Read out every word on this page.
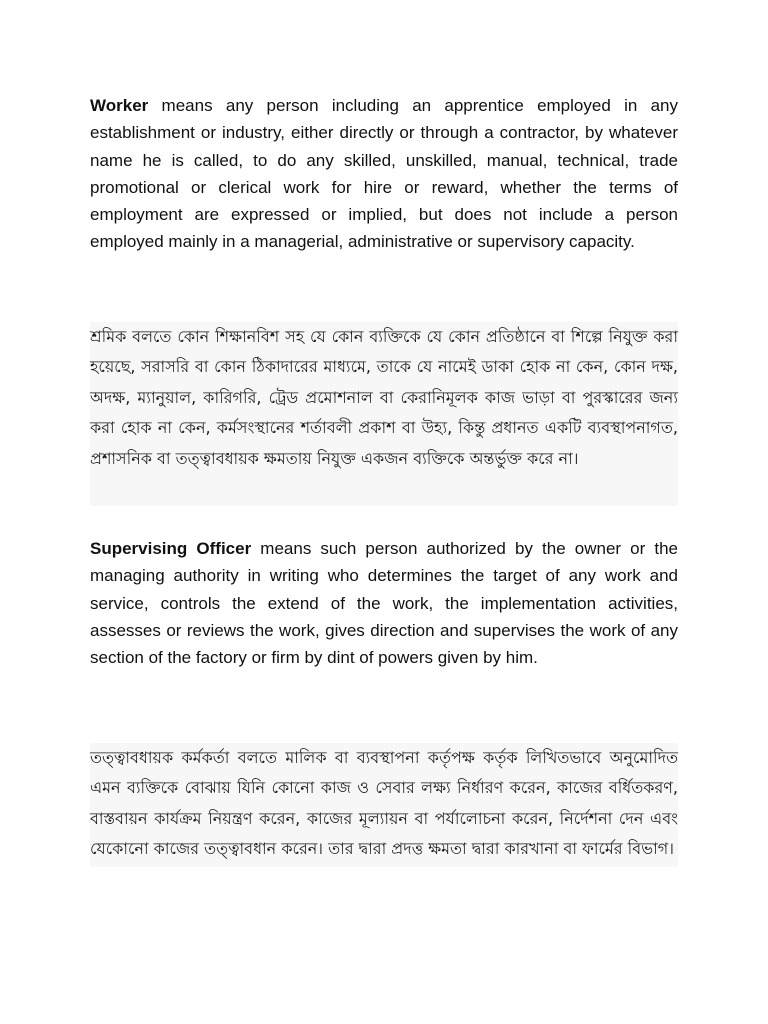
Worker means any person including an apprentice employed in any establishment or industry, either directly or through a contractor, by whatever name he is called, to do any skilled, unskilled, manual, technical, trade promotional or clerical work for hire or reward, whether the terms of employment are expressed or implied, but does not include a person employed mainly in a managerial, administrative or supervisory capacity.
শ্রমিক বলতে কোন শিক্ষানবিশ সহ যে কোন ব্যক্তিকে যে কোন প্রতিষ্ঠানে বা শিল্পে নিযুক্ত করা হয়েছে, সরাসরি বা কোন ঠিকাদারের মাধ্যমে, তাকে যে নামেই ডাকা হোক না কেন, কোন দক্ষ, অদক্ষ, ম্যানুয়াল, কারিগরি, ট্রেড প্রমোশনাল বা কেরানিমূলক কাজ ভাড়া বা পুরস্কারের জন্য করা হোক না কেন, কর্মসংস্থানের শর্তাবলী প্রকাশ বা উহ্য, কিন্তু প্রধানত একটি ব্যবস্থাপনাগত, প্রশাসনিক বা তত্ত্বাবধায়ক ক্ষমতায় নিযুক্ত একজন ব্যক্তিকে অন্তর্ভুক্ত করে না।
Supervising Officer means such person authorized by the owner or the managing authority in writing who determines the target of any work and service, controls the extend of the work, the implementation activities, assesses or reviews the work, gives direction and supervises the work of any section of the factory or firm by dint of powers given by him.
তত্ত্বাবধায়ক কর্মকর্তা বলতে মালিক বা ব্যবস্থাপনা কর্তৃপক্ষ কর্তৃক লিখিতভাবে অনুমোদিত এমন ব্যক্তিকে বোঝায় যিনি কোনো কাজ ও সেবার লক্ষ্য নির্ধারণ করেন, কাজের বর্ধিতকরণ, বাস্তবায়ন কার্যক্রম নিয়ন্ত্রণ করেন, কাজের মূল্যায়ন বা পর্যালোচনা করেন, নির্দেশনা দেন এবং যেকোনো কাজের তত্ত্বাবধান করেন। তার দ্বারা প্রদত্ত ক্ষমতা দ্বারা কারখানা বা ফার্মের বিভাগ।
